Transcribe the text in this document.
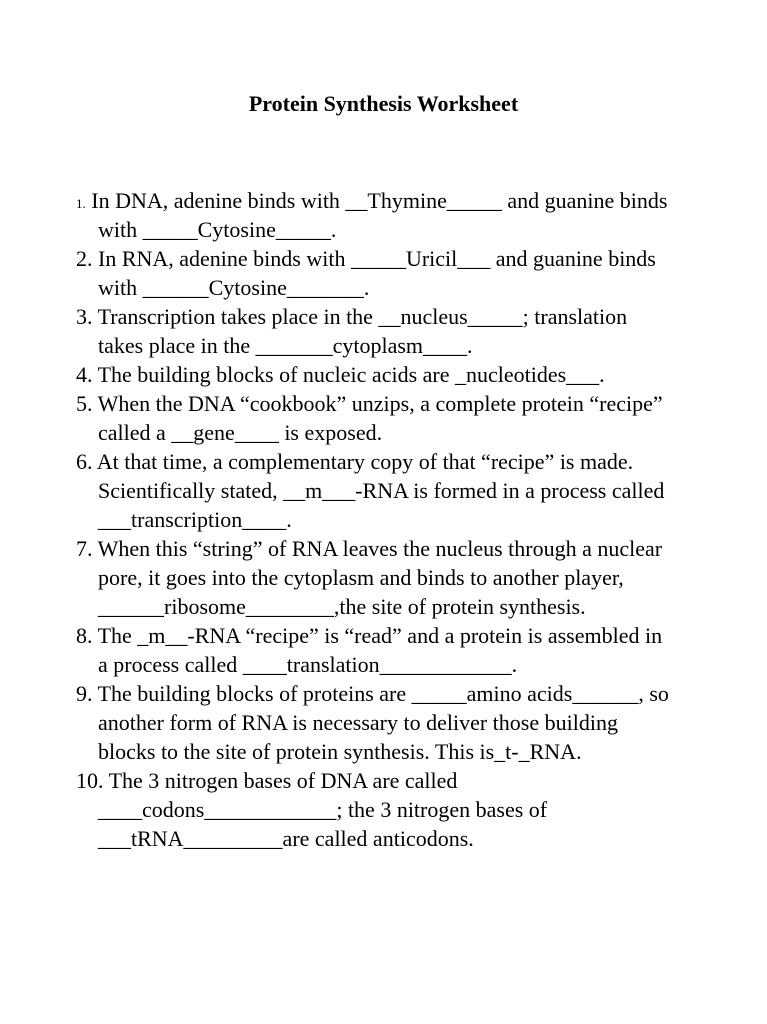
Protein Synthesis Worksheet
1. In DNA, adenine binds with __Thymine_____ and guanine binds
with _____Cytosine_____.
2. In RNA, adenine binds with _____Uricil___ and guanine binds
with ______Cytosine_______.
3. Transcription takes place in the __nucleus_____; translation
takes place in the _______cytoplasm____.
4. The building blocks of nucleic acids are _nucleotides___.
5. When the DNA “cookbook” unzips, a complete protein “recipe”
called a __gene____ is exposed.
6. At that time, a complementary copy of that “recipe” is made.
Scientifically stated, __m___-RNA is formed in a process called
___transcription____.
7. When this “string” of RNA leaves the nucleus through a nuclear
pore, it goes into the cytoplasm and binds to another player,
______ribosome________,the site of protein synthesis.
8. The _m__-RNA “recipe” is “read” and a protein is assembled in
a process called ____translation____________.
9. The building blocks of proteins are _____amino acids______, so
another form of RNA is necessary to deliver those building
blocks to the site of protein synthesis. This is_t-_RNA.
10. The 3 nitrogen bases of DNA are called
____codons____________; the 3 nitrogen bases of
___tRNA_________are called anticodons.
